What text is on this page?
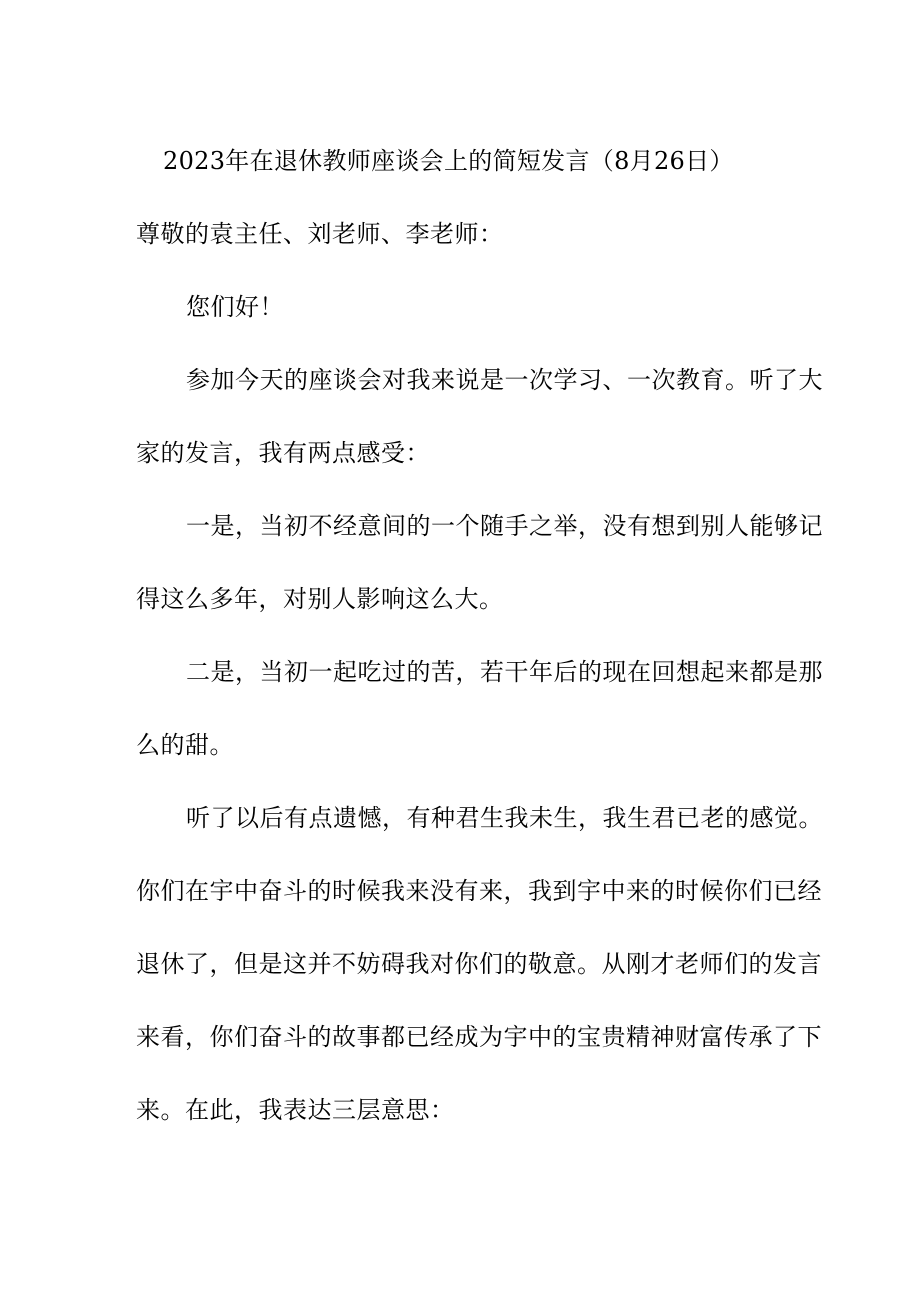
2023年在退休教师座谈会上的简短发言（8月26日）
尊敬的袁主任、刘老师、李老师：
您们好！
参加今天的座谈会对我来说是一次学习、一次教育。听了大
家的发言，我有两点感受：
一是，当初不经意间的一个随手之举，没有想到别人能够记
得这么多年，对别人影响这么大。
二是，当初一起吃过的苦，若干年后的现在回想起来都是那
么的甜。
听了以后有点遗憾，有种君生我未生，我生君已老的感觉。
你们在宇中奋斗的时候我来没有来，我到宇中来的时候你们已经
退休了，但是这并不妨碍我对你们的敬意。从刚才老师们的发言
来看，你们奋斗的故事都已经成为宇中的宝贵精神财富传承了下
来。在此，我表达三层意思：
